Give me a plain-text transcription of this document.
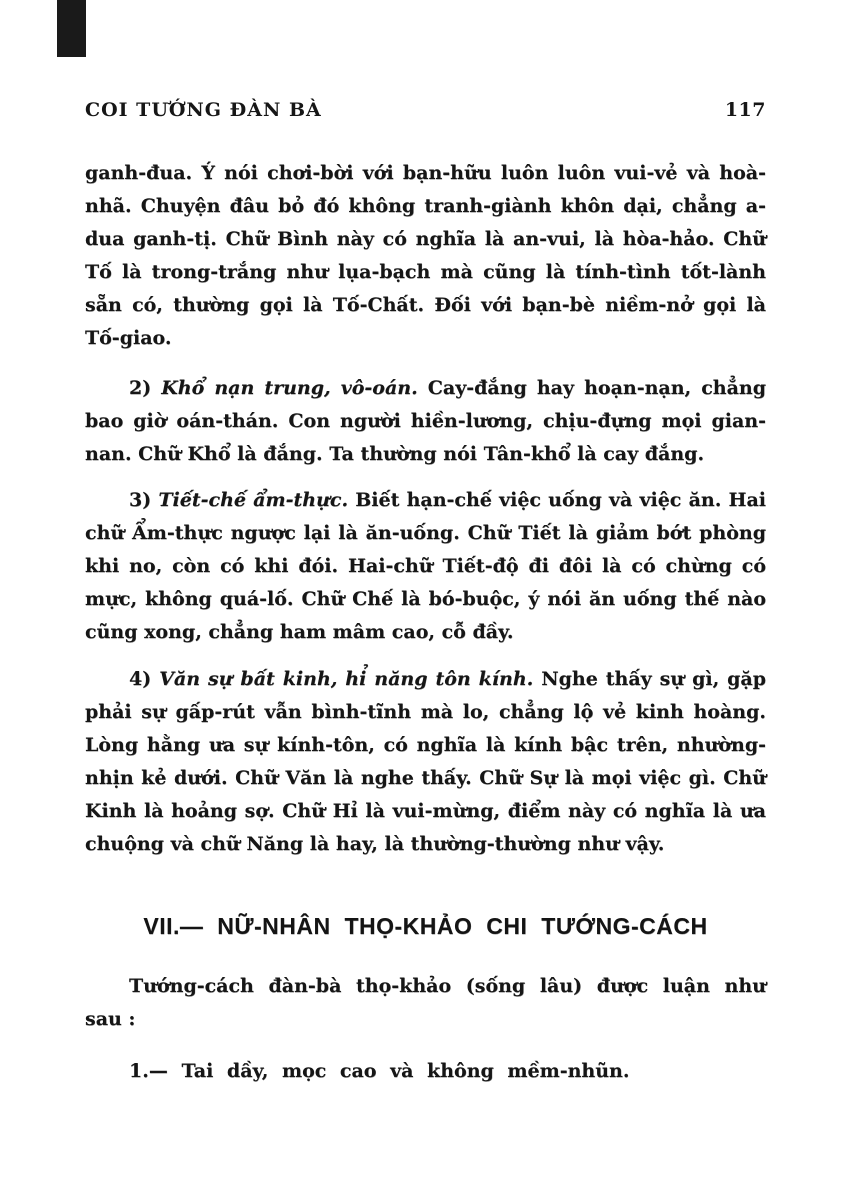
COI TƯỚNG ĐÀN BÀ	117

ganh-đua. Ý nói chơi-bời với bạn-hữu luôn luôn vui-vẻ và hoà-nhã. Chuyện đâu bỏ đó không tranh-giành khôn dại, chẳng a-dua ganh-tị. Chữ Bình này có nghĩa là an-vui, là hòa-hảo. Chữ Tố là trong-trắng như lụa-bạch mà cũng là tính-tình tốt-lành sẵn có, thường gọi là Tố-Chất. Đối với bạn-bè niềm-nở gọi là Tố-giao.

2) Khổ nạn trung, vô-oán. Cay-đắng hay hoạn-nạn, chẳng bao giờ oán-thán. Con người hiền-lương, chịu-đựng mọi gian-nan. Chữ Khổ là đắng. Ta thường nói Tân-khổ là cay đắng.

3) Tiết-chế ẩm-thực. Biết hạn-chế việc uống và việc ăn. Hai chữ Ẩm-thực ngược lại là ăn-uống. Chữ Tiết là giảm bớt phòng khi no, còn có khi đói. Hai-chữ Tiết-độ đi đôi là có chừng có mực, không quá-lố. Chữ Chế là bó-buộc, ý nói ăn uống thế nào cũng xong, chẳng ham mâm cao, cỗ đầy.

4) Văn sự bất kinh, hỉ năng tôn kính. Nghe thấy sự gì, gặp phải sự gấp-rút vẫn bình-tĩnh mà lo, chẳng lộ vẻ kinh hoàng. Lòng hằng ưa sự kính-tôn, có nghĩa là kính bậc trên, nhường-nhịn kẻ dưới. Chữ Văn là nghe thấy. Chữ Sự là mọi việc gì. Chữ Kinh là hoảng sợ. Chữ Hỉ là vui-mừng, điểm này có nghĩa là ưa chuộng và chữ Năng là hay, là thường-thường như vậy.

VII.— NỮ-NHÂN THỌ-KHẢO CHI TƯỚNG-CÁCH
Tướng-cách đàn-bà thọ-khảo (sống lâu) được luận như
sau :
1.— Tai dầy, mọc cao và không mềm-nhũn.
